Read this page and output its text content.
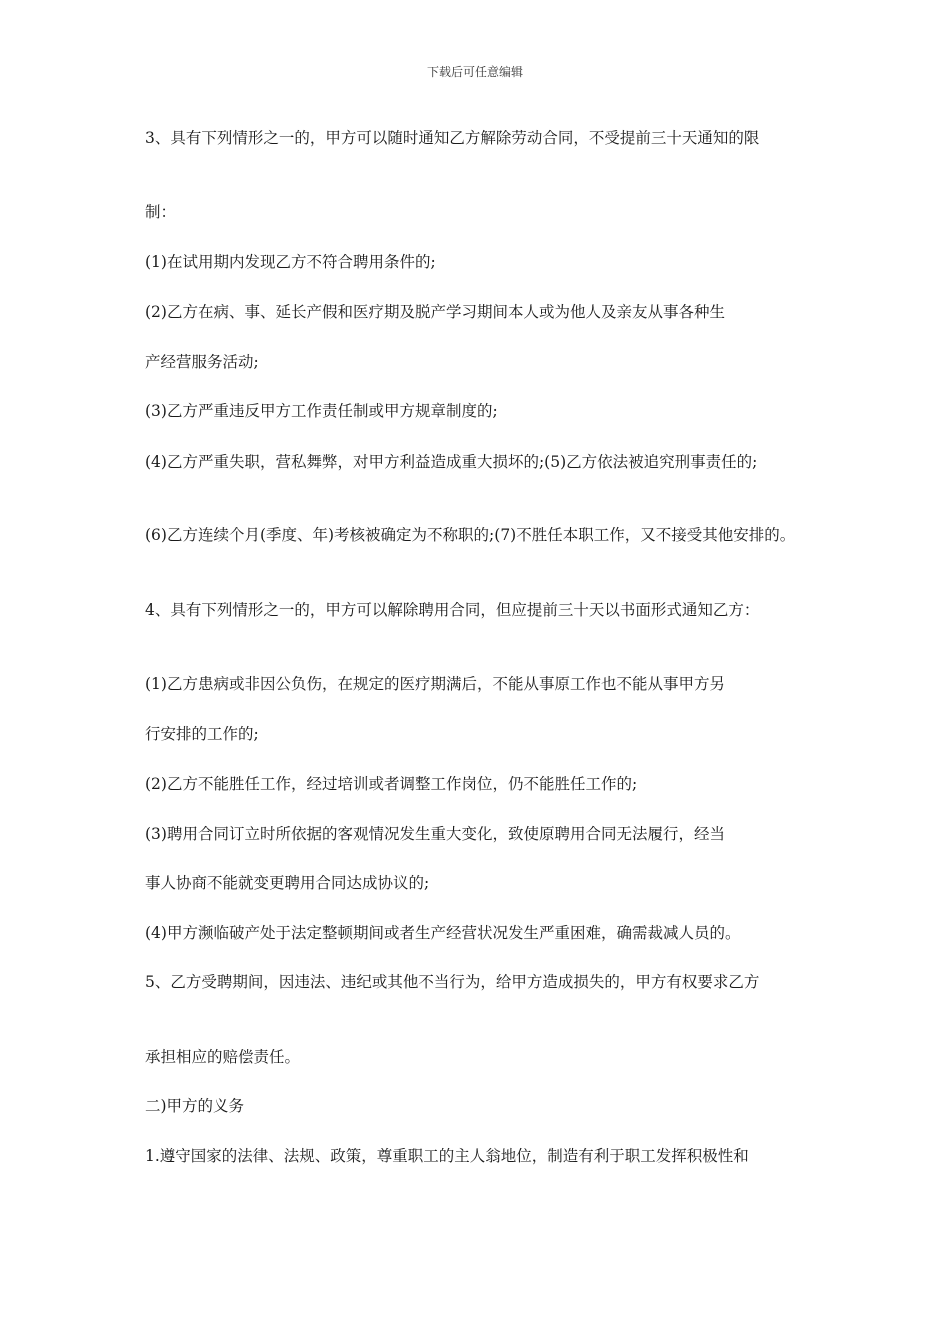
下载后可任意编辑

3、具有下列情形之一的，甲方可以随时通知乙方解除劳动合同，不受提前三十天通知的限

制：

(1)在试用期内发现乙方不符合聘用条件的;

(2)乙方在病、事、延长产假和医疗期及脱产学习期间本人或为他人及亲友从事各种生

产经营服务活动;

(3)乙方严重违反甲方工作责任制或甲方规章制度的;

(4)乙方严重失职，营私舞弊，对甲方利益造成重大损坏的;(5)乙方依法被追究刑事责任的;

(6)乙方连续个月(季度、年)考核被确定为不称职的;(7)不胜任本职工作，又不接受其他安排的。

4、具有下列情形之一的，甲方可以解除聘用合同，但应提前三十天以书面形式通知乙方：

(1)乙方患病或非因公负伤，在规定的医疗期满后，不能从事原工作也不能从事甲方另

行安排的工作的;

(2)乙方不能胜任工作，经过培训或者调整工作岗位，仍不能胜任工作的;

(3)聘用合同订立时所依据的客观情况发生重大变化，致使原聘用合同无法履行，经当

事人协商不能就变更聘用合同达成协议的;

(4)甲方濒临破产处于法定整顿期间或者生产经营状况发生严重困难，确需裁减人员的。

5、乙方受聘期间，因违法、违纪或其他不当行为，给甲方造成损失的，甲方有权要求乙方

承担相应的赔偿责任。

二)甲方的义务

1.遵守国家的法律、法规、政策，尊重职工的主人翁地位，制造有利于职工发挥积极性和
